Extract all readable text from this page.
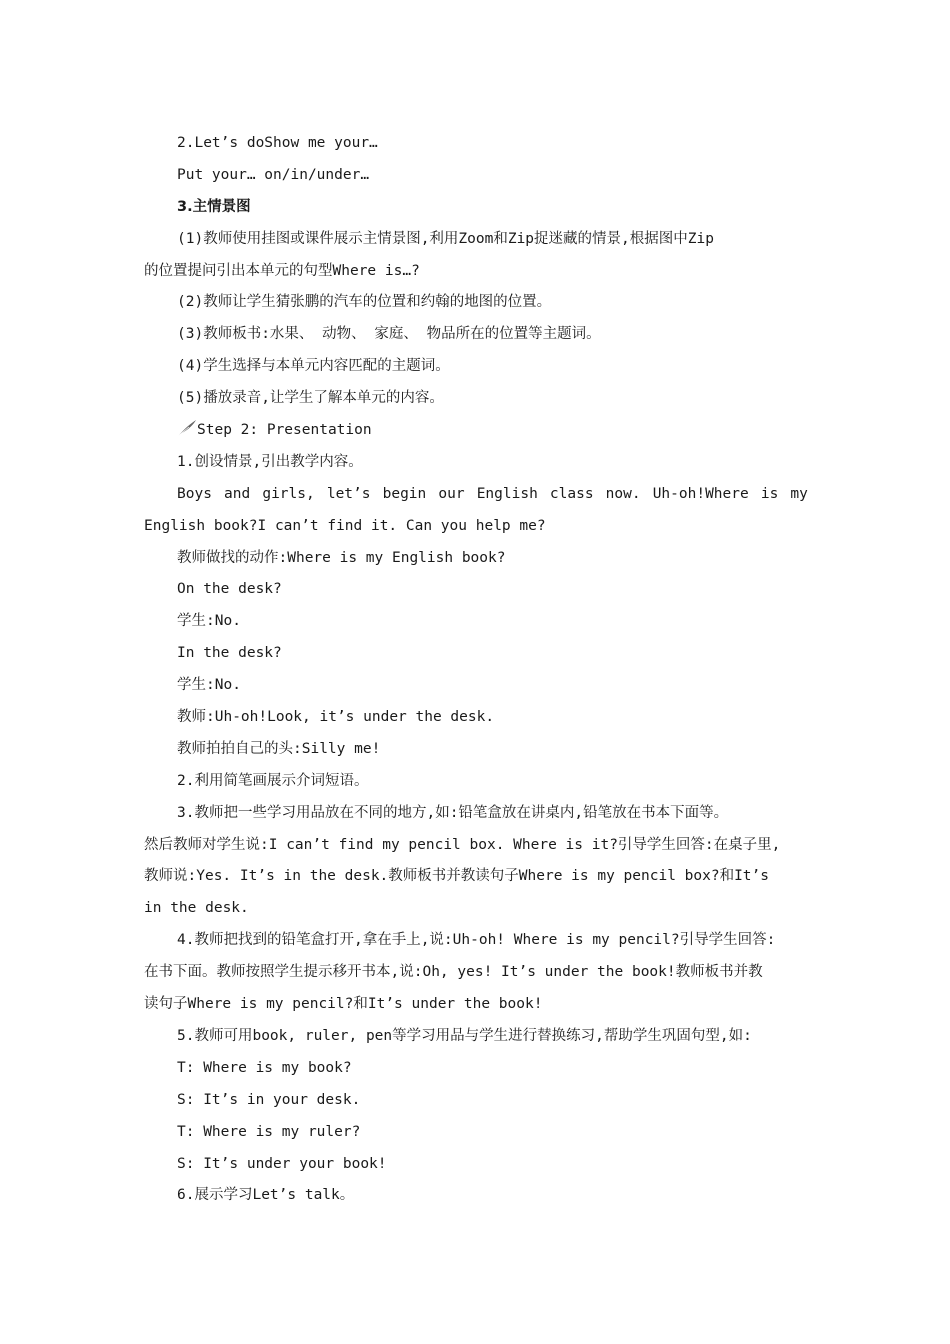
2.Let’s doShow me your…

Put your… on/in/under…

3.主情景图

(1)教师使用挂图或课件展示主情景图,利用Zoom和Zip捉迷藏的情景,根据图中Zip

的位置提问引出本单元的句型Where is…?

(2)教师让学生猜张鹏的汽车的位置和约翰的地图的位置。

(3)教师板书:水果、 动物、 家庭、 物品所在的位置等主题词。

(4)学生选择与本单元内容匹配的主题词。

(5)播放录音,让学生了解本单元的内容。

Step 2: Presentation

1.创设情景,引出教学内容。

Boys and girls, let’s begin our English class now. Uh-oh!Where is my

English book?I can’t find it. Can you help me?

教师做找的动作:Where is my English book?

On the desk?

学生:No.

In the desk?

学生:No.

教师:Uh-oh!Look, it’s under the desk.

教师拍拍自己的头:Silly me!

2.利用简笔画展示介词短语。

3.教师把一些学习用品放在不同的地方,如:铅笔盒放在讲桌内,铅笔放在书本下面等。

然后教师对学生说:I can’t find my pencil box. Where is it?引导学生回答:在桌子里,

教师说:Yes. It’s in the desk.教师板书并教读句子Where is my pencil box?和It’s

in the desk.

4.教师把找到的铅笔盒打开,拿在手上,说:Uh-oh! Where is my pencil?引导学生回答:

在书下面。教师按照学生提示移开书本,说:Oh, yes! It’s under the book!教师板书并教

读句子Where is my pencil?和It’s under the book!

5.教师可用book, ruler, pen等学习用品与学生进行替换练习,帮助学生巩固句型,如:

T: Where is my book?

S: It’s in your desk.

T: Where is my ruler?

S: It’s under your book!

6.展示学习Let’s talk。
